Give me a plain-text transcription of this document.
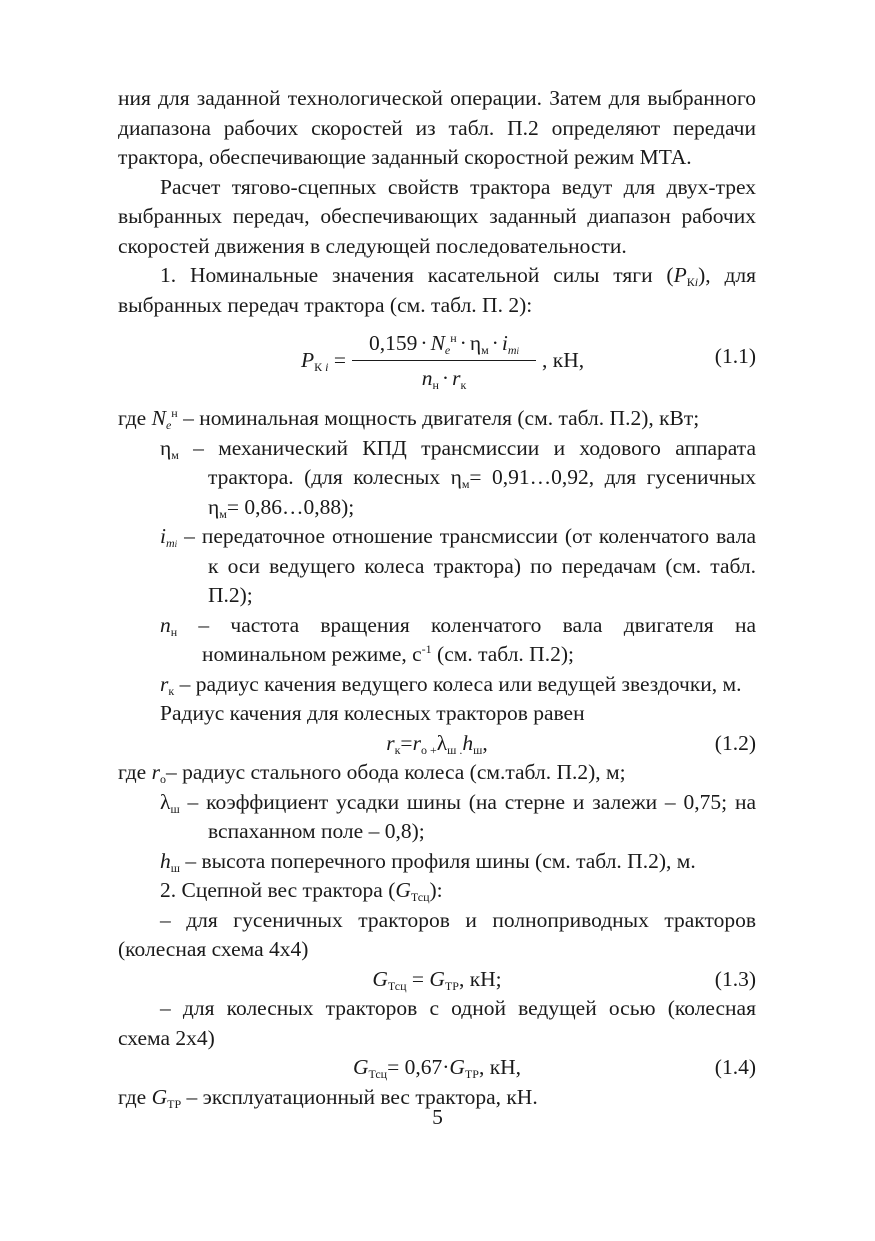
ния для заданной технологической операции. Затем для выбранного диапазона рабочих скоростей из табл. П.2 определяют передачи трактора, обеспечивающие заданный скоростной режим МТА.

Расчет тягово-сцепных свойств трактора ведут для двух-трех выбранных передач, обеспечивающих заданный диапазон рабочих скоростей движения в следующей последовательности.

1. Номинальные значения касательной силы тяги $(P_{Кi})$, для выбранных передач трактора (см. табл. П. 2):

$P_{К i} = \frac{0,159 \cdot N_e^н \cdot \eta_м \cdot i_{mi}}{n_н \cdot r_к}$ , кН,	(1.1)

где $N_e^н$ – номинальная мощность двигателя (см. табл. П.2), кВт;

$\eta_м$ – механический КПД трансмиссии и ходового аппарата трактора. (для колесных $\eta_м=$ 0,91…0,92, для гусеничных $\eta_м=$ 0,86…0,88);

$i_{mi}$ – передаточное отношение трансмиссии (от коленчатого вала к оси ведущего колеса трактора) по передачам (см. табл. П.2);

$n_н$ – частота вращения коленчатого вала двигателя на номинальном режиме, $с^{-1}$ (см. табл. П.2);

$r_к$ – радиус качения ведущего колеса или ведущей звездочки, м.

Радиус качения для колесных тракторов равен

$r_к=r_{о +}\lambda_{ш .}h_ш$,	(1.2)

где $r_о-$ радиус стального обода колеса (см.табл. П.2), м;

$\lambda_ш$ – коэффициент усадки шины (на стерне и залежи – 0,75; на вспаханном поле – 0,8);

$h_ш$ – высота поперечного профиля шины (см. табл. П.2), м.

2. Сцепной вес трактора $(G_{Тсц})$:

– для гусеничных тракторов и полноприводных тракторов (колесная схема 4х4)

$G_{Тсц} = G_{ТР}$, кН;	(1.3)

– для колесных тракторов с одной ведущей осью (колесная схема 2х4)

$G_{Тсц}= 0,67\cdot G_{ТР}$, кН,	(1.4)

где $G_{ТР}$ – эксплуатационный вес трактора, кН.

5
